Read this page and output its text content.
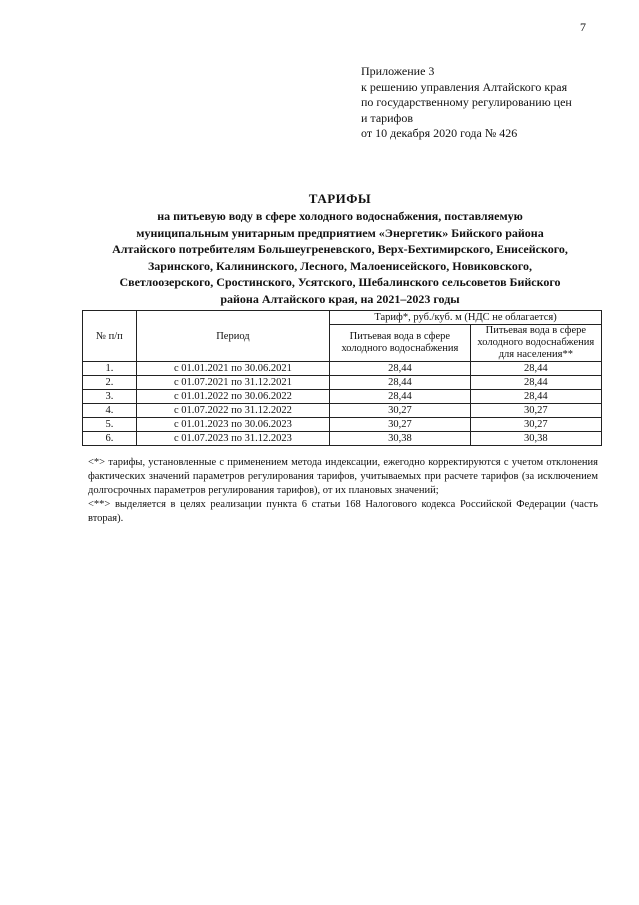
7
Приложение 3
к решению управления Алтайского края
по государственному регулированию цен
и тарифов
от 10 декабря 2020 года № 426
ТАРИФЫ
на питьевую воду в сфере холодного водоснабжения, поставляемую
муниципальным унитарным предприятием «Энергетик» Бийского района
Алтайского потребителям Большеугреневского, Верх-Бехтимирского, Енисейского,
Заринского, Калининского, Лесного, Малоенисейского, Новиковского,
Светлоозерского, Сростинского, Усятского, Шебалинского сельсоветов Бийского
района Алтайского края, на 2021–2023 годы
№ п/п	Период	Тариф*, руб./куб. м (НДС не облагается)	
		Питьевая вода в сфере холодного водоснабжения	Питьевая вода в сфере холодного водоснабжения для населения**
1.	с 01.01.2021 по 30.06.2021	28,44	28,44
2.	с 01.07.2021 по 31.12.2021	28,44	28,44
3.	с 01.01.2022 по 30.06.2022	28,44	28,44
4.	с 01.07.2022 по 31.12.2022	30,27	30,27
5.	с 01.01.2023 по 30.06.2023	30,27	30,27
6.	с 01.07.2023 по 31.12.2023	30,38	30,38

<*> тарифы, установленные с применением метода индексации, ежегодно корректируются с учетом отклонения фактических значений параметров регулирования тарифов, учитываемых при расчете тарифов (за исключением долгосрочных параметров регулирования тарифов), от их плановых значений;

<**> выделяется в целях реализации пункта 6 статьи 168 Налогового кодекса Российской Федерации (часть вторая).
